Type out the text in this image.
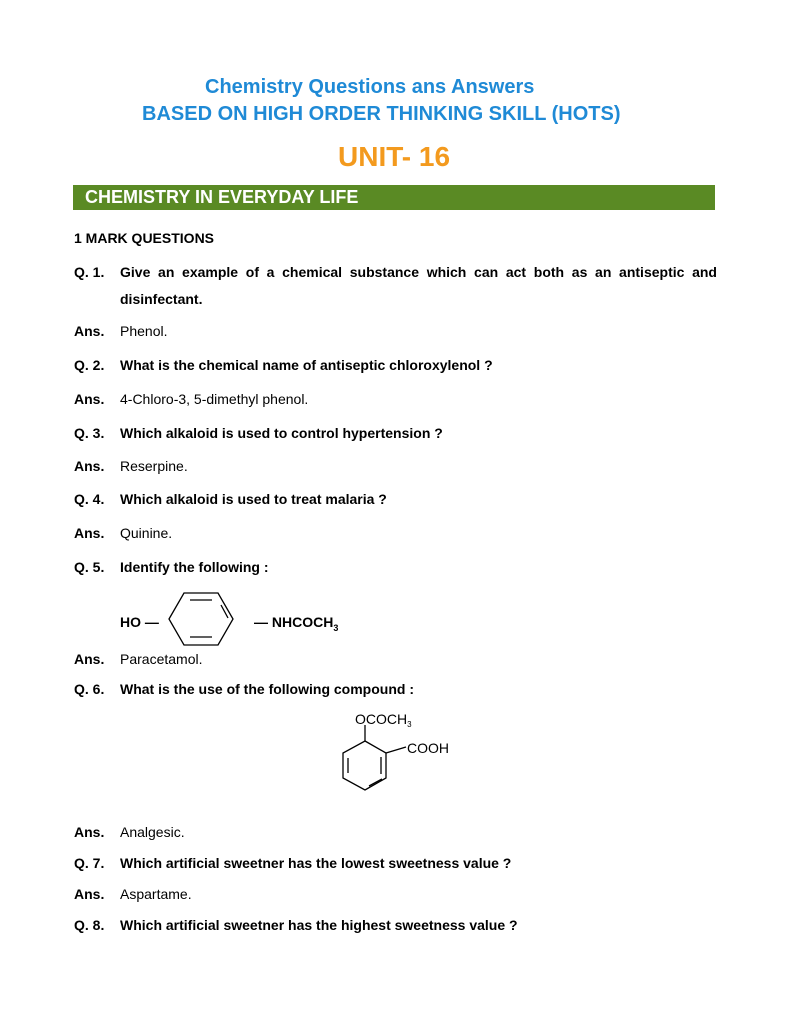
Chemistry Questions ans Answers
BASED ON HIGH ORDER THINKING SKILL (HOTS)
UNIT- 16
CHEMISTRY IN EVERYDAY LIFE
1 MARK QUESTIONS
Q. 1. Give an example of a chemical substance which can act both as an antiseptic and disinfectant.
Ans. Phenol.
Q. 2. What is the chemical name of antiseptic chloroxylenol ?
Ans. 4-Chloro-3, 5-dimethyl phenol.
Q. 3. Which alkaloid is used to control hypertension ?
Ans. Reserpine.
Q. 4. Which alkaloid is used to treat malaria ?
Ans. Quinine.
Q. 5. Identify the following :
HO —	— $NHCOCH_3$
Ans. Paracetamol.
Q. 6. What is the use of the following compound :
$OCOCH_3$
COOH
Ans. Analgesic.
Q. 7. Which artificial sweetner has the lowest sweetness value ?
Ans. Aspartame.
Q. 8. Which artificial sweetner has the highest sweetness value ?
